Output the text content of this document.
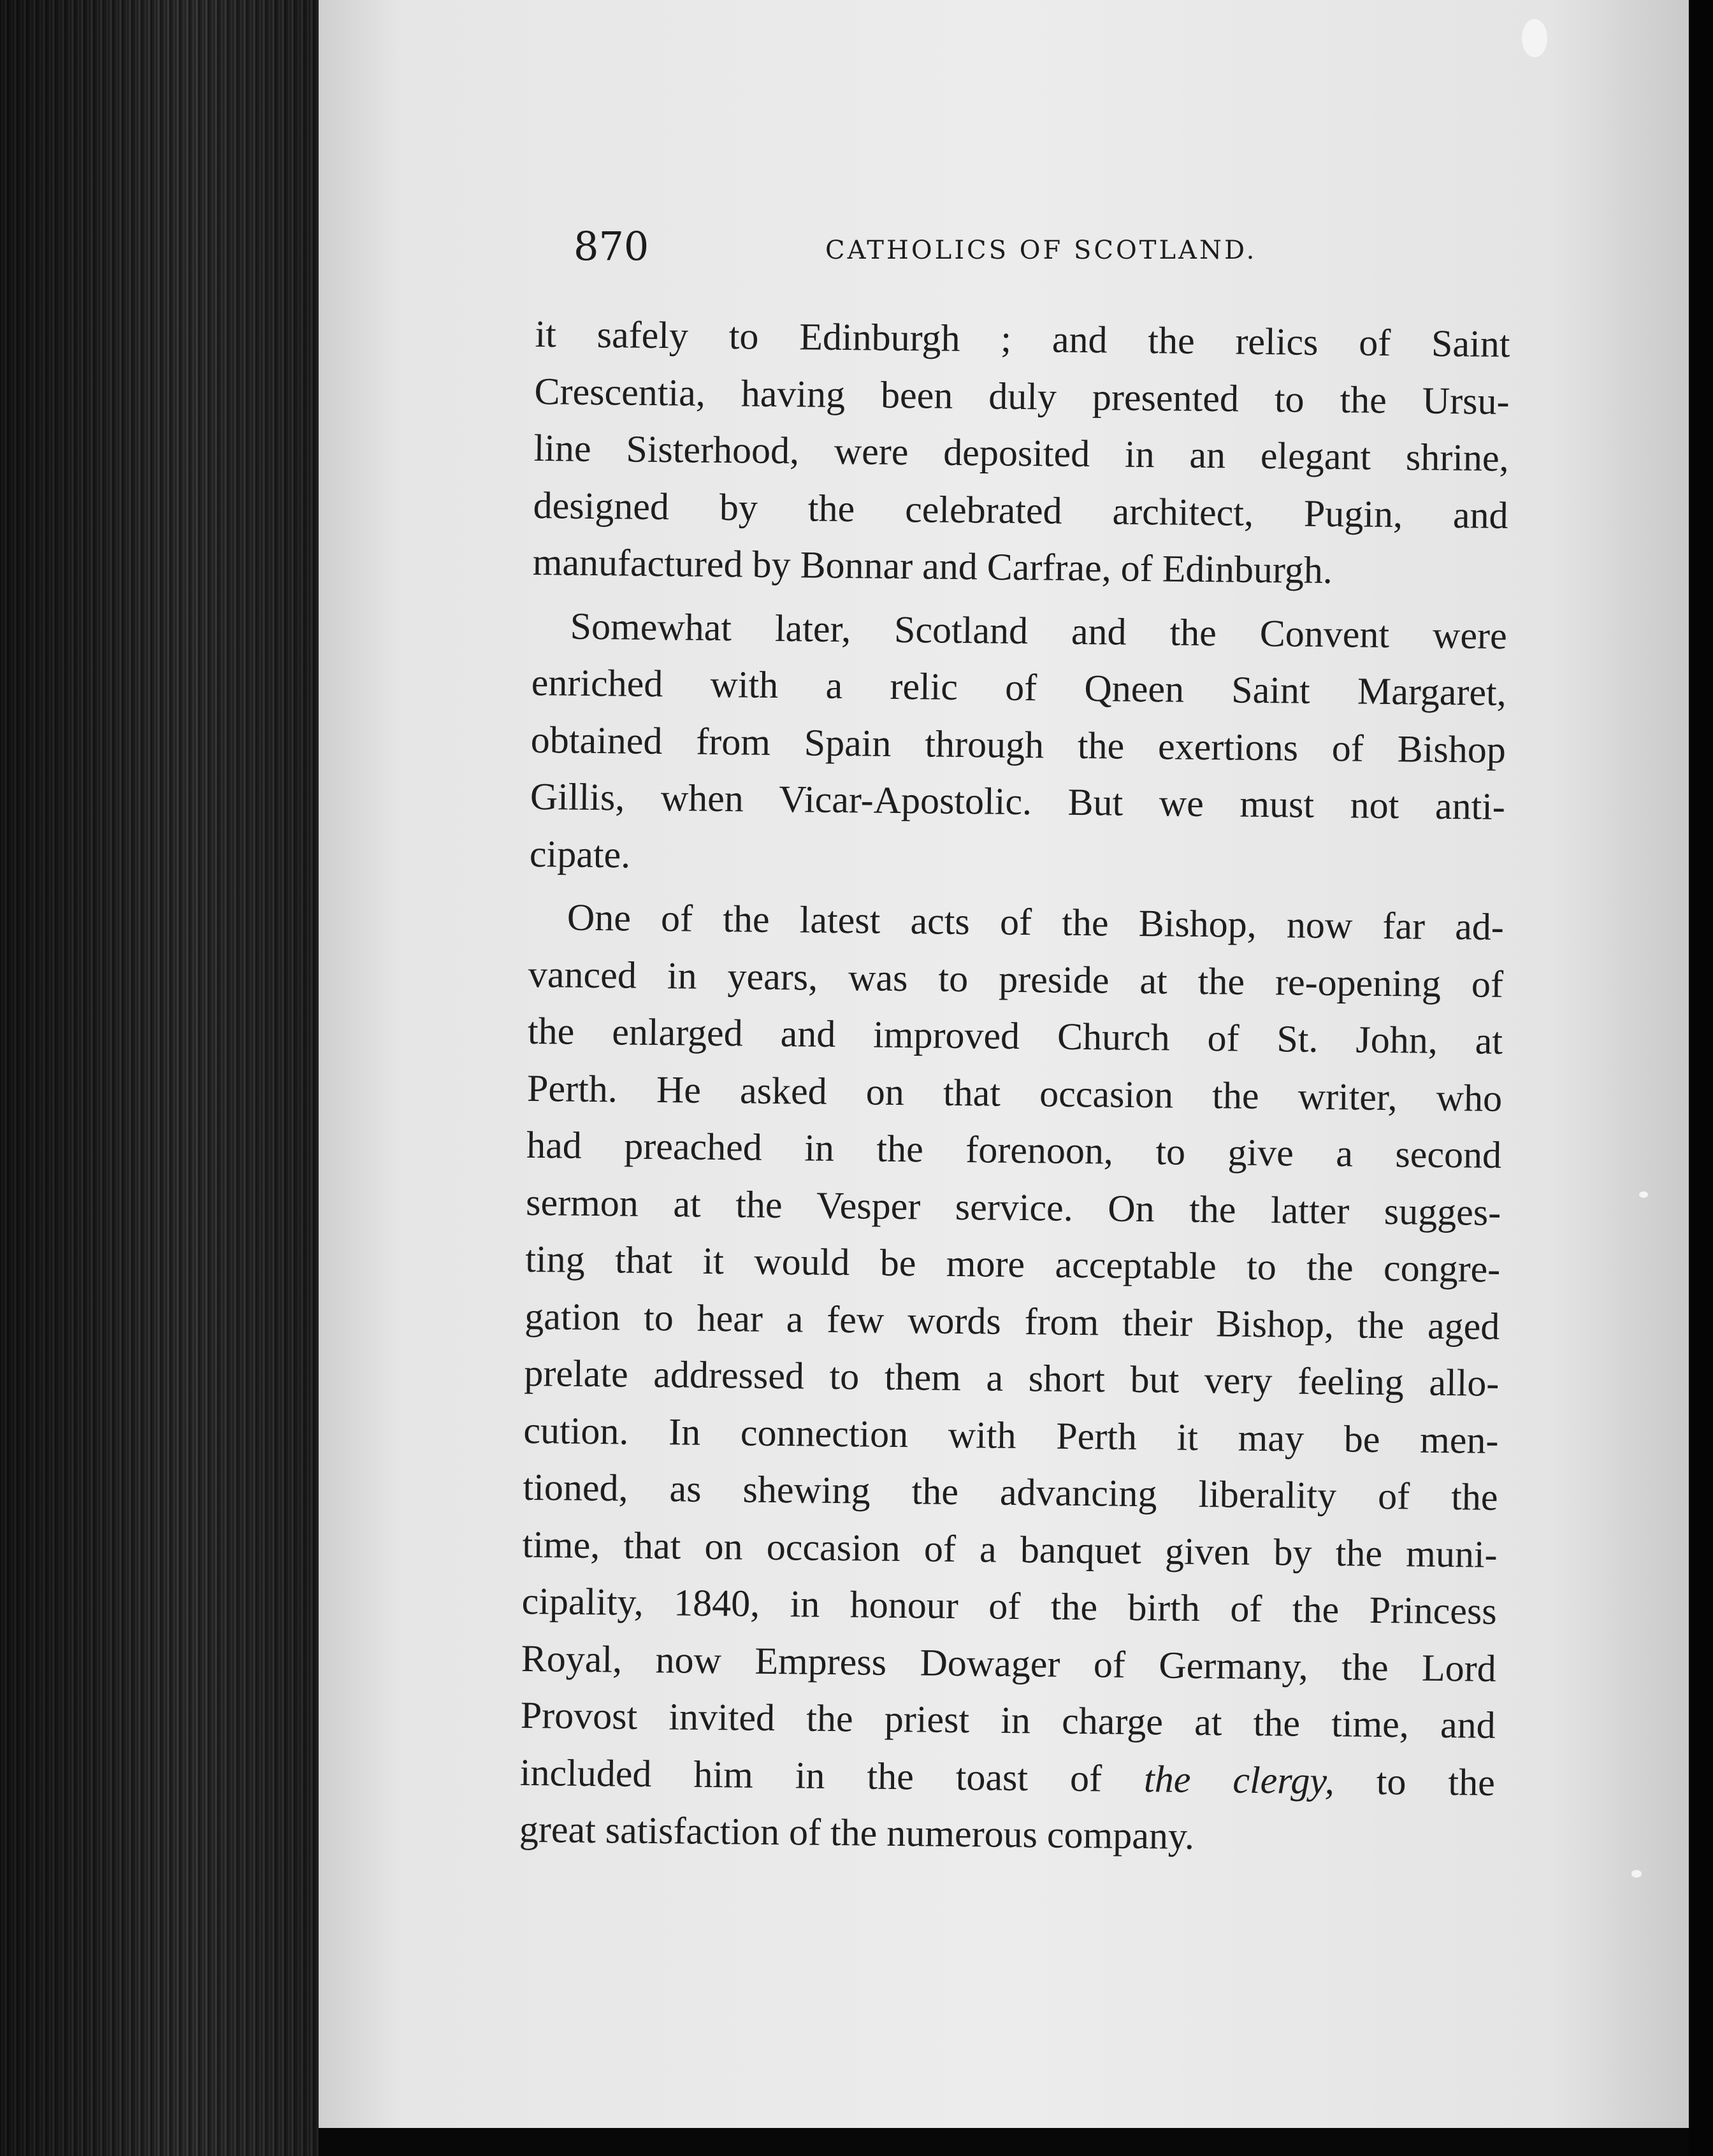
870	CATHOLICS OF SCOTLAND.
it safely to Edinburgh ; and the relics of Saint
Crescentia, having been duly presented to the Ursu-
line Sisterhood, were deposited in an elegant shrine,
designed by the celebrated architect, Pugin, and
manufactured by Bonnar and Carfrae, of Edinburgh.
Somewhat later, Scotland and the Convent were
enriched with a relic of Qneen Saint Margaret,
obtained from Spain through the exertions of Bishop
Gillis, when Vicar-Apostolic. But we must not anti-
cipate.
One of the latest acts of the Bishop, now far ad-
vanced in years, was to preside at the re-opening of
the enlarged and improved Church of St. John, at
Perth. He asked on that occasion the writer, who
had preached in the forenoon, to give a second
sermon at the Vesper service. On the latter sugges-
ting that it would be more acceptable to the congre-
gation to hear a few words from their Bishop, the aged
prelate addressed to them a short but very feeling allo-
cution. In connection with Perth it may be men-
tioned, as shewing the advancing liberality of the
time, that on occasion of a banquet given by the muni-
cipality, 1840, in honour of the birth of the Princess
Royal, now Empress Dowager of Germany, the Lord
Provost invited the priest in charge at the time, and
included him in the toast of the clergy, to the
great satisfaction of the numerous company.
